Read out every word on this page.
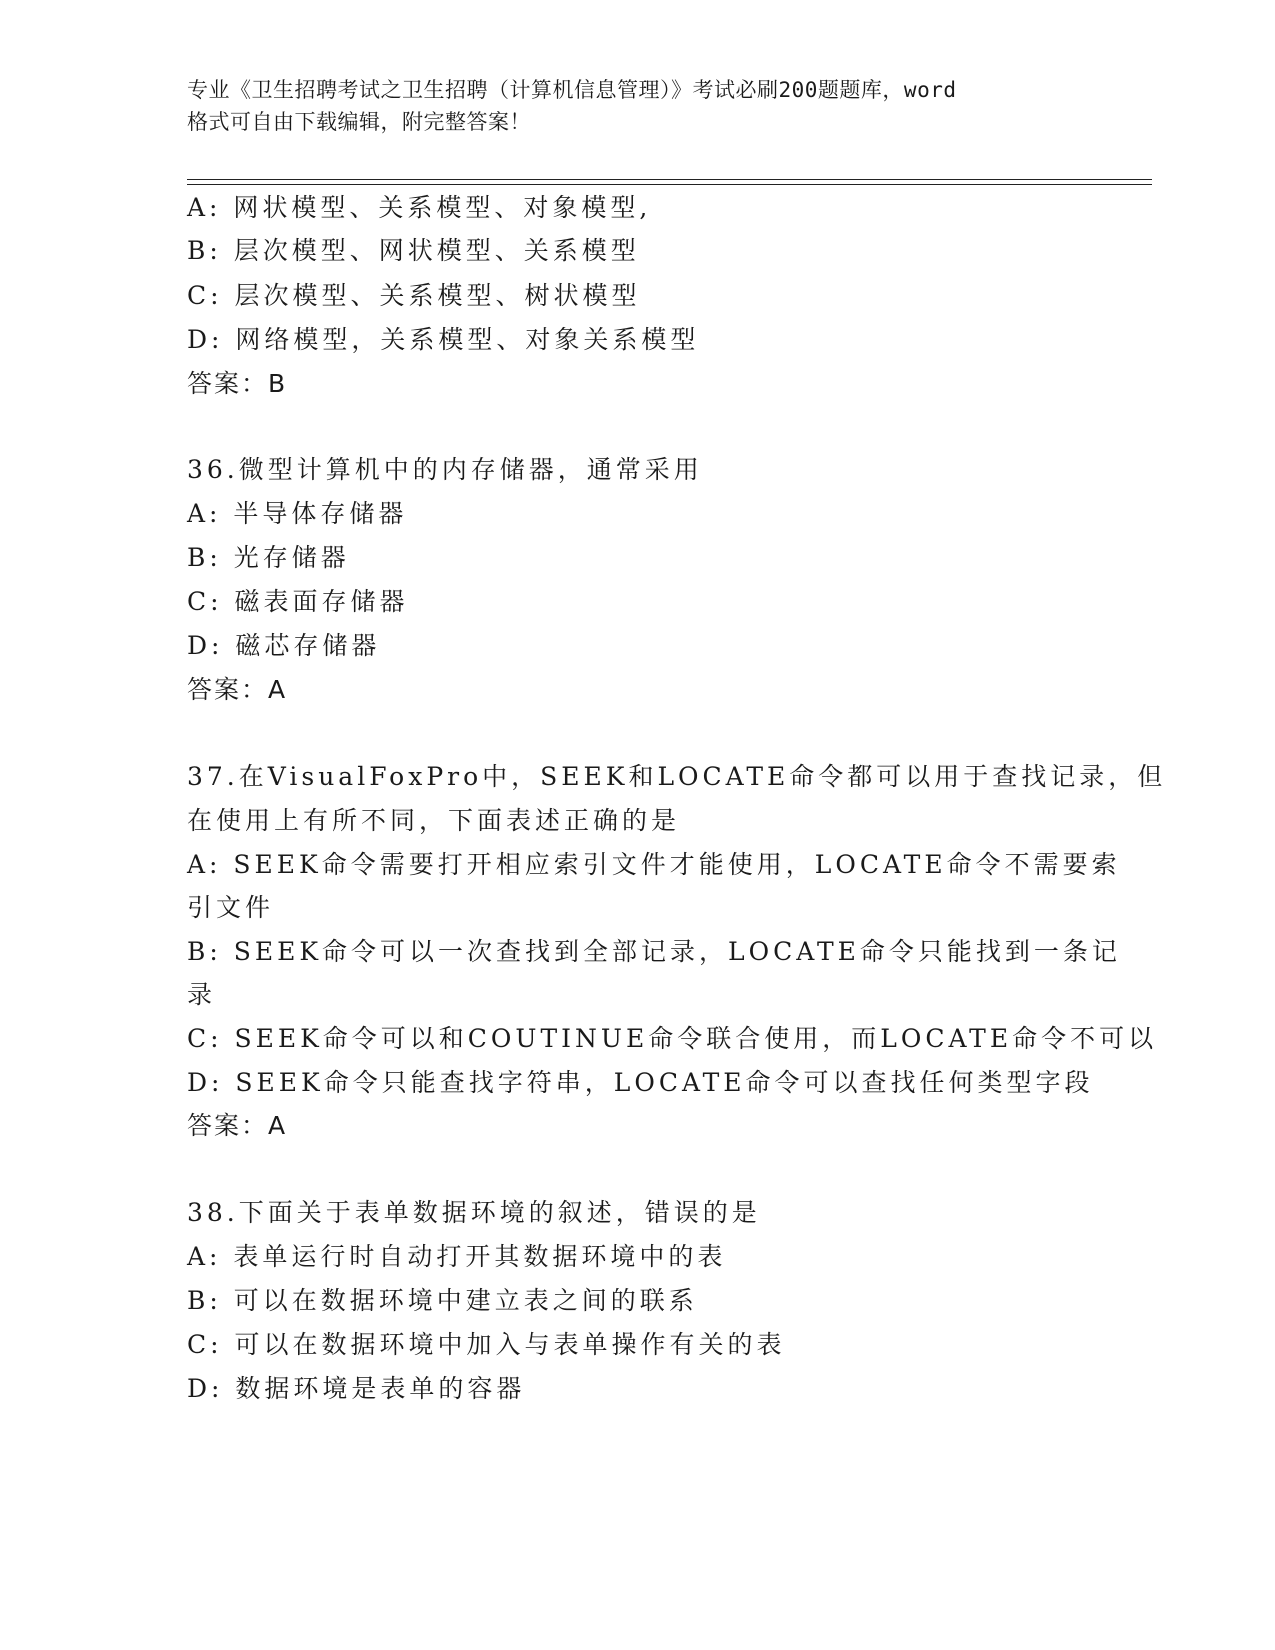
专业《卫生招聘考试之卫生招聘（计算机信息管理）》考试必刷200题题库，word
格式可自由下载编辑，附完整答案！
A: 网状模型、关系模型、对象模型,
B: 层次模型、网状模型、关系模型
C: 层次模型、关系模型、树状模型
D: 网络模型，关系模型、对象关系模型
答案：B
36.微型计算机中的内存储器，通常采用
A: 半导体存储器
B: 光存储器
C: 磁表面存储器
D: 磁芯存储器
答案：A
37.在VisualFoxPro中，SEEK和LOCATE命令都可以用于查找记录，但
在使用上有所不同，下面表述正确的是
A: SEEK命令需要打开相应索引文件才能使用，LOCATE命令不需要索
引文件
B: SEEK命令可以一次查找到全部记录，LOCATE命令只能找到一条记
录
C: SEEK命令可以和COUTINUE命令联合使用，而LOCATE命令不可以
D: SEEK命令只能查找字符串，LOCATE命令可以查找任何类型字段
答案：A
38.下面关于表单数据环境的叙述，错误的是
A: 表单运行时自动打开其数据环境中的表
B: 可以在数据环境中建立表之间的联系
C: 可以在数据环境中加入与表单操作有关的表
D: 数据环境是表单的容器
